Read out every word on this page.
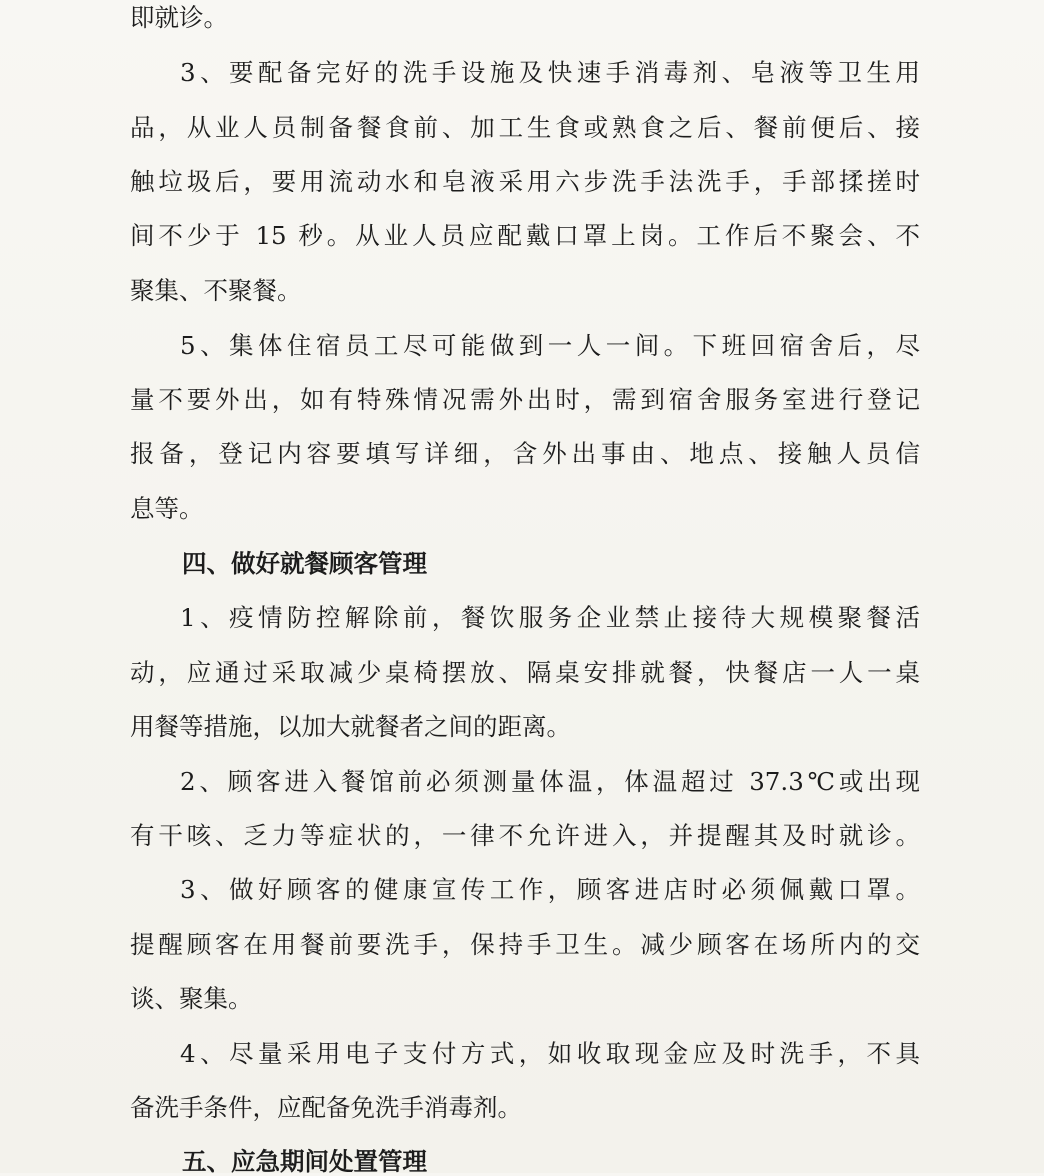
即就诊。
3、要配备完好的洗手设施及快速手消毒剂、皂液等卫生用
品，从业人员制备餐食前、加工生食或熟食之后、餐前便后、接
触垃圾后，要用流动水和皂液采用六步洗手法洗手，手部揉搓时
间不少于 15 秒。从业人员应配戴口罩上岗。工作后不聚会、不
聚集、不聚餐。
5、集体住宿员工尽可能做到一人一间。下班回宿舍后，尽
量不要外出，如有特殊情况需外出时，需到宿舍服务室进行登记
报备，登记内容要填写详细，含外出事由、地点、接触人员信
息等。
四、做好就餐顾客管理
1、疫情防控解除前，餐饮服务企业禁止接待大规模聚餐活
动，应通过采取减少桌椅摆放、隔桌安排就餐，快餐店一人一桌
用餐等措施，以加大就餐者之间的距离。
2、顾客进入餐馆前必须测量体温，体温超过 37.3℃或出现
有干咳、乏力等症状的，一律不允许进入，并提醒其及时就诊。
3、做好顾客的健康宣传工作，顾客进店时必须佩戴口罩。
提醒顾客在用餐前要洗手，保持手卫生。减少顾客在场所内的交
谈、聚集。
4、尽量采用电子支付方式，如收取现金应及时洗手，不具
备洗手条件，应配备免洗手消毒剂。
五、应急期间处置管理
